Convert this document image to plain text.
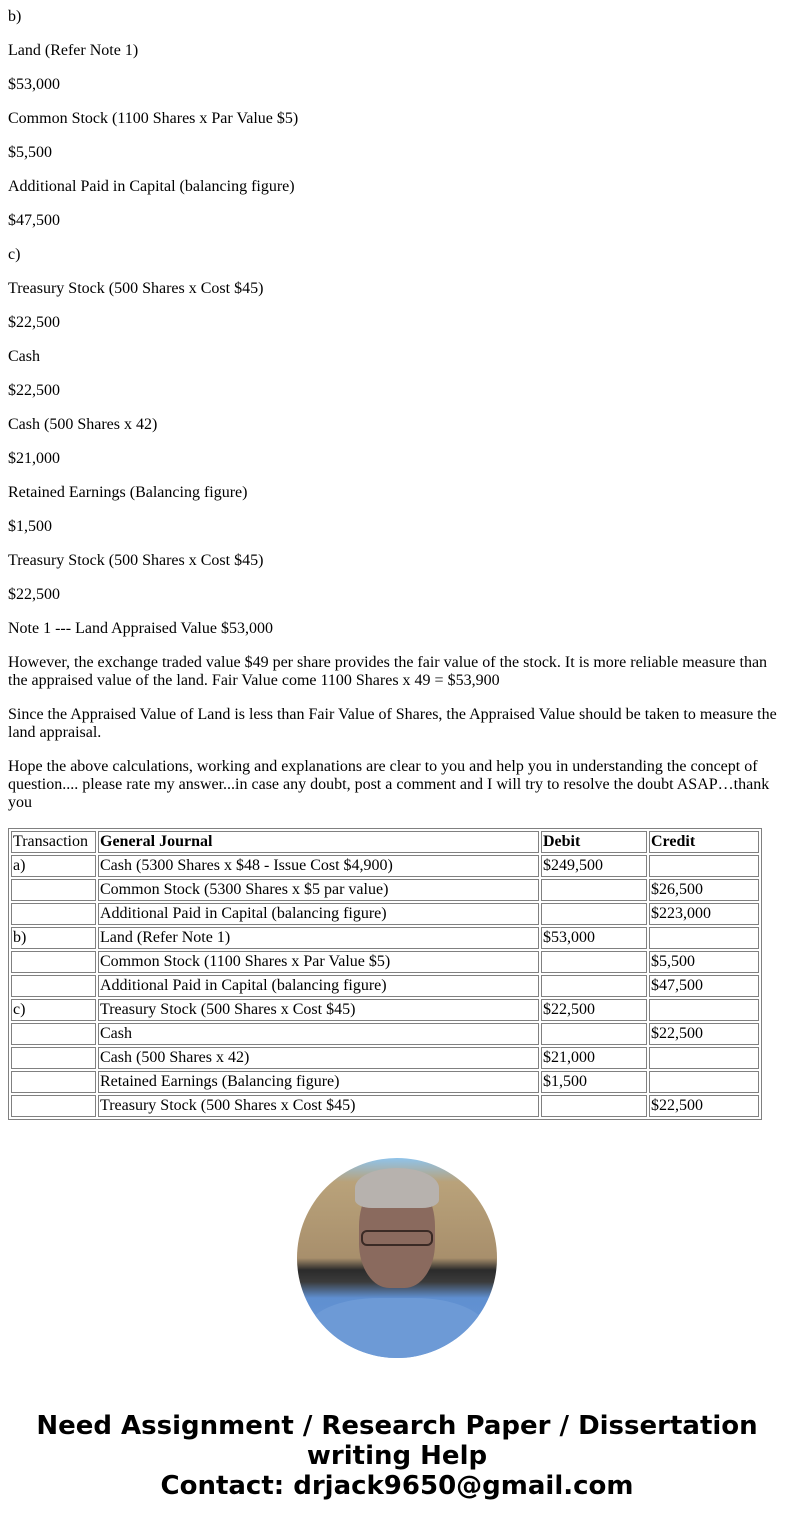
b)

Land (Refer Note 1)

$53,000

Common Stock (1100 Shares x Par Value $5)

$5,500

Additional Paid in Capital (balancing figure)

$47,500

c)

Treasury Stock (500 Shares x Cost $45)

$22,500

Cash

$22,500

Cash (500 Shares x 42)

$21,000

Retained Earnings (Balancing figure)

$1,500

Treasury Stock (500 Shares x Cost $45)

$22,500

Note 1 --- Land Appraised Value $53,000

However, the exchange traded value $49 per share provides the fair value of the stock. It is more reliable measure than the appraised value of the land. Fair Value come 1100 Shares x 49 = $53,900

Since the Appraised Value of Land is less than Fair Value of Shares, the Appraised Value should be taken to measure the land appraisal.

Hope the above calculations, working and explanations are clear to you and help you in understanding the concept of question.... please rate my answer...in case any doubt, post a comment and I will try to resolve the doubt ASAP…thank you

Transaction	General Journal	Debit	Credit
a)	Cash (5300 Shares x $48 - Issue Cost $4,900)	$249,500	
	Common Stock (5300 Shares x $5 par value)		$26,500
	Additional Paid in Capital (balancing figure)		$223,000
b)	Land (Refer Note 1)	$53,000	
	Common Stock (1100 Shares x Par Value $5)		$5,500
	Additional Paid in Capital (balancing figure)		$47,500
c)	Treasury Stock (500 Shares x Cost $45)	$22,500	
	Cash		$22,500
	Cash (500 Shares x 42)	$21,000	
	Retained Earnings (Balancing figure)	$1,500	
	Treasury Stock (500 Shares x Cost $45)		$22,500
Need Assignment / Research Paper / Dissertation writing Help
Contact: drjack9650@gmail.com
